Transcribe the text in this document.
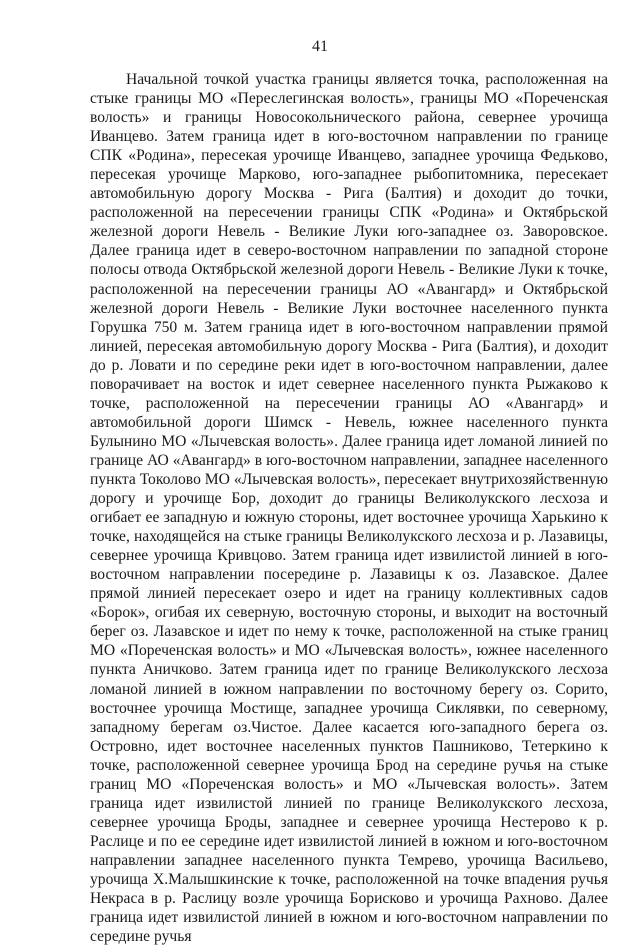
41

Начальной точкой участка границы является точка, расположенная на стыке границы МО «Переслегинская волость», границы МО «Пореченская волость» и границы Новосокольнического района, севернее урочища Иванцево. Затем граница идет в юго-восточном направлении по границе СПК «Родина», пересекая урочище Иванцево, западнее урочища Федьково, пересекая урочище Марково, юго-западнее рыбопитомника, пересекает автомобильную дорогу Москва - Рига (Балтия) и доходит до точки, расположенной на пересечении границы СПК «Родина» и Октябрьской железной дороги Невель - Великие Луки юго-западнее оз. Заворовское. Далее граница идет в северо-восточном направлении по западной стороне полосы отвода Октябрьской железной дороги Невель - Великие Луки к точке, расположенной на пересечении границы АО «Авангард» и Октябрьской железной дороги Невель - Великие Луки восточнее населенного пункта Горушка 750 м. Затем граница идет в юго-восточном направлении прямой линией, пересекая автомобильную дорогу Москва - Рига (Балтия), и доходит до р. Ловати и по середине реки идет в юго-восточном направлении, далее поворачивает на восток и идет севернее населенного пункта Рыжаково к точке, расположенной на пересечении границы АО «Авангард» и автомобильной дороги Шимск - Невель, южнее населенного пункта Булынино МО «Лычевская волость». Далее граница идет ломаной линией по границе АО «Авангард» в юго-восточном направлении, западнее населенного пункта Токолово МО «Лычевская волость», пересекает внутрихозяйственную дорогу и урочище Бор, доходит до границы Великолукского лесхоза и огибает ее западную и южную стороны, идет восточнее урочища Харькино к точке, находящейся на стыке границы Великолукского лесхоза и р. Лазавицы, севернее урочища Кривцово. Затем граница идет извилистой линией в юго-восточном направлении посередине р. Лазавицы к оз. Лазавское. Далее прямой линией пересекает озеро и идет на границу коллективных садов «Борок», огибая их северную, восточную стороны, и выходит на восточный берег оз. Лазавское и идет по нему к точке, расположенной на стыке границ МО «Пореченская волость» и МО «Лычевская волость», южнее населенного пункта Аничково. Затем граница идет по границе Великолукского лесхоза ломаной линией в южном направлении по восточному берегу оз. Сорито, восточнее урочища Мостище, западнее урочища Сиклявки, по северному, западному берегам оз.Чистое. Далее касается юго-западного берега оз. Островно, идет восточнее населенных пунктов Пашниково, Тетеркино к точке, расположенной севернее урочища Брод на середине ручья на стыке границ МО «Пореченская волость» и МО «Лычевская волость». Затем граница идет извилистой линией по границе Великолукского лесхоза, севернее урочища Броды, западнее и севернее урочища Нестерово к р. Раслице и по ее середине идет извилистой линией в южном и юго-восточном направлении западнее населенного пункта Темрево, урочища Васильево, урочища Х.Малышкинские к точке, расположенной на точке впадения ручья Некраса в р. Раслицу возле урочища Борисково и урочища Рахново. Далее граница идет извилистой линией в южном и юго-восточном направлении по середине ручья
